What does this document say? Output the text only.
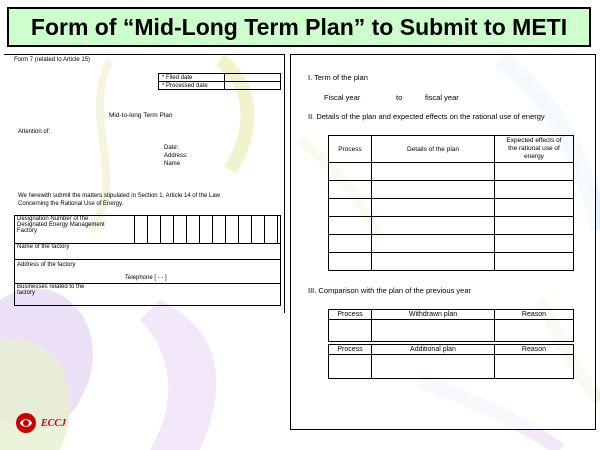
Form of “Mid-Long Term Plan” to Submit to METI
Form 7 (related to Article 15)
* Filed date	
* Processed date	
Mid-to-long Term Plan
Attention of:
Date:
Address:
Name
We herewith submit the matters stipulated in Section 1, Article 14 of the Law
Concerning the Rational Use of Energy.
Designation Number of the
Designated Energy Management
Factory												

Name of the factory												

Address of the factory
Telephone [ - - ]												

Businesses related to the
factory												

I. Term of the plan
Fiscal year	to	fiscal year
II. Details of the plan and expected effects on the rational use of energy
Process	Details of the plan	Expected effects of
the rational use of
energy

III. Comparison with the plan of the previous year
Process	Withdrawn plan	Reason

Process	Additional plan	Reason

ECCJ
